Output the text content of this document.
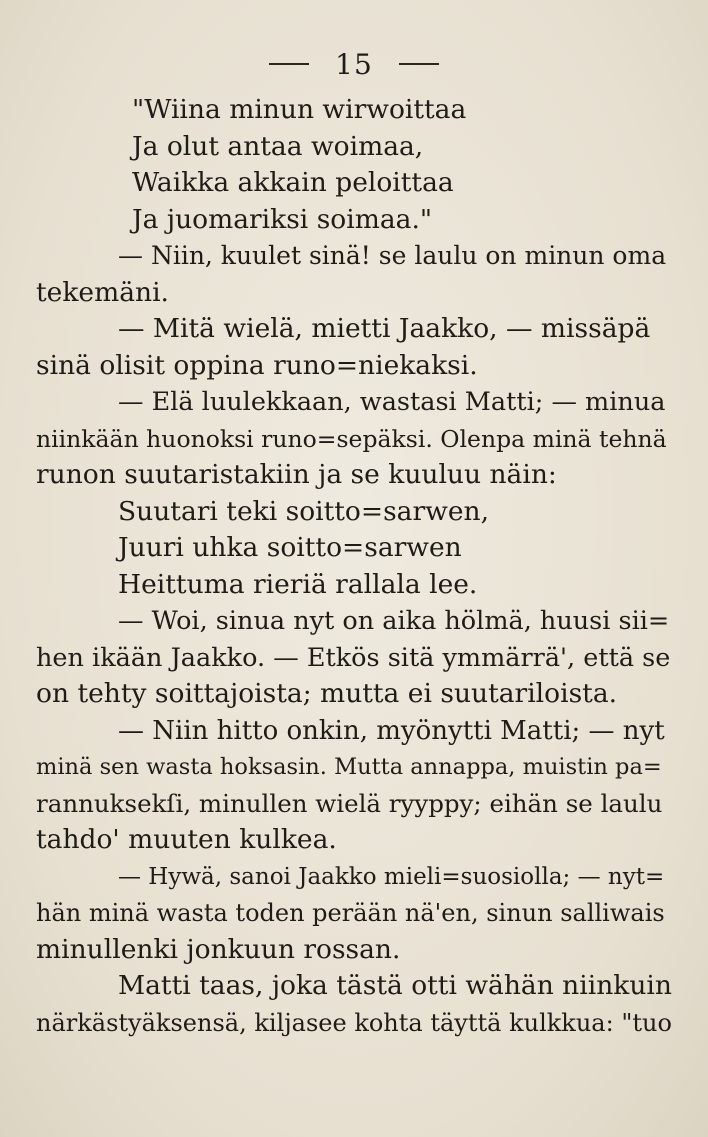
15
"Wiina minun wirwoittaa
Ja olut antaa woimaa,
Waikka akkain peloittaa
Ja juomariksi soimaa."
— Niin, kuulet sinä! se laulu on minun oma
tekemäni.
— Mitä wielä, mietti Jaakko, — missäpä
sinä olisit oppina runo=niekaksi.
— Elä luulekkaan, wastasi Matti; — minua
niinkään huonoksi runo=sepäksi. Olenpa minä tehnä
runon suutaristakiin ja se kuuluu näin:
Suutari teki soitto=sarwen,
Juuri uhka soitto=sarwen
Heittuma rieriä rallala lee.
— Woi, sinua nyt on aika hölmä, huusi sii=
hen ikään Jaakko. — Etkös sitä ymmärrä', että se
on tehty soittajoista; mutta ei suutariloista.
— Niin hitto onkin, myönytti Matti; — nyt
minä sen wasta hoksasin. Mutta annappa, muistin pa=
rannuksekſi, minullen wielä ryyppy; eihän se laulu
tahdo' muuten kulkea.
— Hywä, sanoi Jaakko mieli=suosiolla; — nyt=
hän minä wasta toden perään nä'en, sinun salliwais
minullenki jonkuun rossan.
Matti taas, joka tästä otti wähän niinkuin
närkästyäksensä, kiljasee kohta täyttä kulkkua: "tuo
